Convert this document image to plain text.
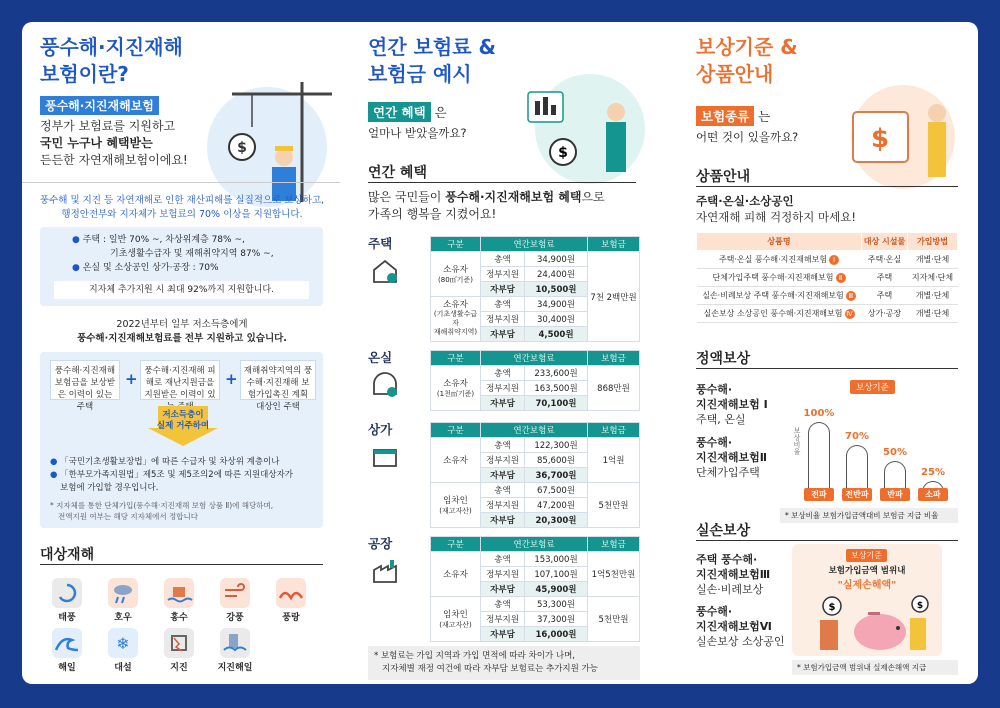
풍수해·지진재해
보험이란?
$
풍수해·지진재해보험
정부가 보험료를 지원하고
국민 누구나 혜택받는
든든한 자연재해보험이에요!
풍수해 및 지진 등 자연재해로 인한 재산피해를 실질적으로 보상하고,
행정안전부와 지자체가 보험료의 70% 이상을 지원합니다.
● 주택 : 일반 70% ~, 차상위계층 78% ~,
기초생활수급자 및 재해취약지역 87% ~,
● 온실 및 소상공인 상가·공장 : 70%
지자체 추가지원 시 최대 92%까지 지원합니다.
2022년부터 일부 저소득층에게
풍수해·지진재해보험료를 전부 지원하고 있습니다.
풍수해·지진재해 보험금을 보상받은 이력이 있는 주택
+ 풍수해·지진재해 피해로 재난지원금을 지원받은 이력이 있
+ 재해취약지역의 풍수해·지진재해 보험가입촉진 계획 대상인 주택
저소득층이
실제 거주하여
● 「국민기초생활보장법」에 따른 수급자 및 차상위 계층이나
● 「한부모가족지원법」제5조 및 제5조의2에 따른 지원대상자가
보험에 가입할 경우입니다.
* 지자체를 통한 단체가입(풍수해·지진재해 보험 상품 Ⅱ)에 해당하며,
전액지원 여부는 해당 지자체에서 정합니다
대상재해
태풍	호우	홍수	강풍	풍랑
❄
해일	대설	지진	지진해일
연간 보험료 &
보험금 예시
$
연간 혜택 은
얼마나 받았을까요?
연간 혜택
많은 국민들이 풍수해·지진재해보험 혜택으로
가족의 행복을 지켰어요!
주택	구분	연간보험료		보험금
소유자
(80㎡기준)	총액	34,900원	7천 2백만원
	정부지원	24,400원	
	자부담	10,500원	
소유자
(기초생활수급자
재해취약지역)	총액	34,900원	
	정부지원	30,400원	
	자부담	4,500원	
온실	구분	연간보험료		보험금
소유자
(1천㎡기준)	총액	233,600원	868만원
	정부지원	163,500원	
	자부담	70,100원	
상가	구분	연간보험료		보험금
소유자	총액	122,300원	1억원
	정부지원	85,600원	
	자부담	36,700원	
임차인
(재고자산)	총액	67,500원	5천만원
	정부지원	47,200원	
	자부담	20,300원	
공장	구분	연간보험료		보험금
소유자	총액	153,000원	1억5천만원
	정부지원	107,100원	
	자부담	45,900원	
임차인
(재고자산)	총액	53,300원	5천만원
	정부지원	37,300원	
	자부담	16,000원	
* 보험료는 가입 지역과 가입 면적에 따라 차이가 나며,
지자체별 재정 여건에 따라 자부담 보험료는 추가지원 가능
보상기준 &
상품안내
$
보험종류 는
어떤 것이 있을까요?
상품안내
주택·온실·소상공인
자연재해 피해 걱정하지 마세요!
상품명	대상 시설물	가입방법
주택·온실 풍수해·지진재해보험 Ⅰ	주택·온실	개별·단체
단체가입주택 풍수해·지진재해보험 Ⅱ	주택	지자체·단체
실손·비례보상 주택 풍수해·지진재해보험 Ⅲ	주택	개별·단체
실손보상 소상공인 풍수해·지진재해보험 Ⅳ	상가·공장	개별·단체
정액보상
풍수해·
지진재해보험 Ⅰ
주택, 온실
풍수해·
지진재해보험Ⅱ
단체가입주택
보상기준
보상비율
100%
전파
70%
전반파
50%
반파
25%
소파
* 보상비율 보험가입금액대비 보험금 지급 비율
실손보상
주택 풍수해·
지진재해보험Ⅲ
실손·비례보상
풍수해·
지진재해보험Ⅵ
실손보상 소상공인
보상기준
보험가입금액 범위내
"실제손해액"
$	$
* 보험가입금액 범위내 실제손해액 지급
